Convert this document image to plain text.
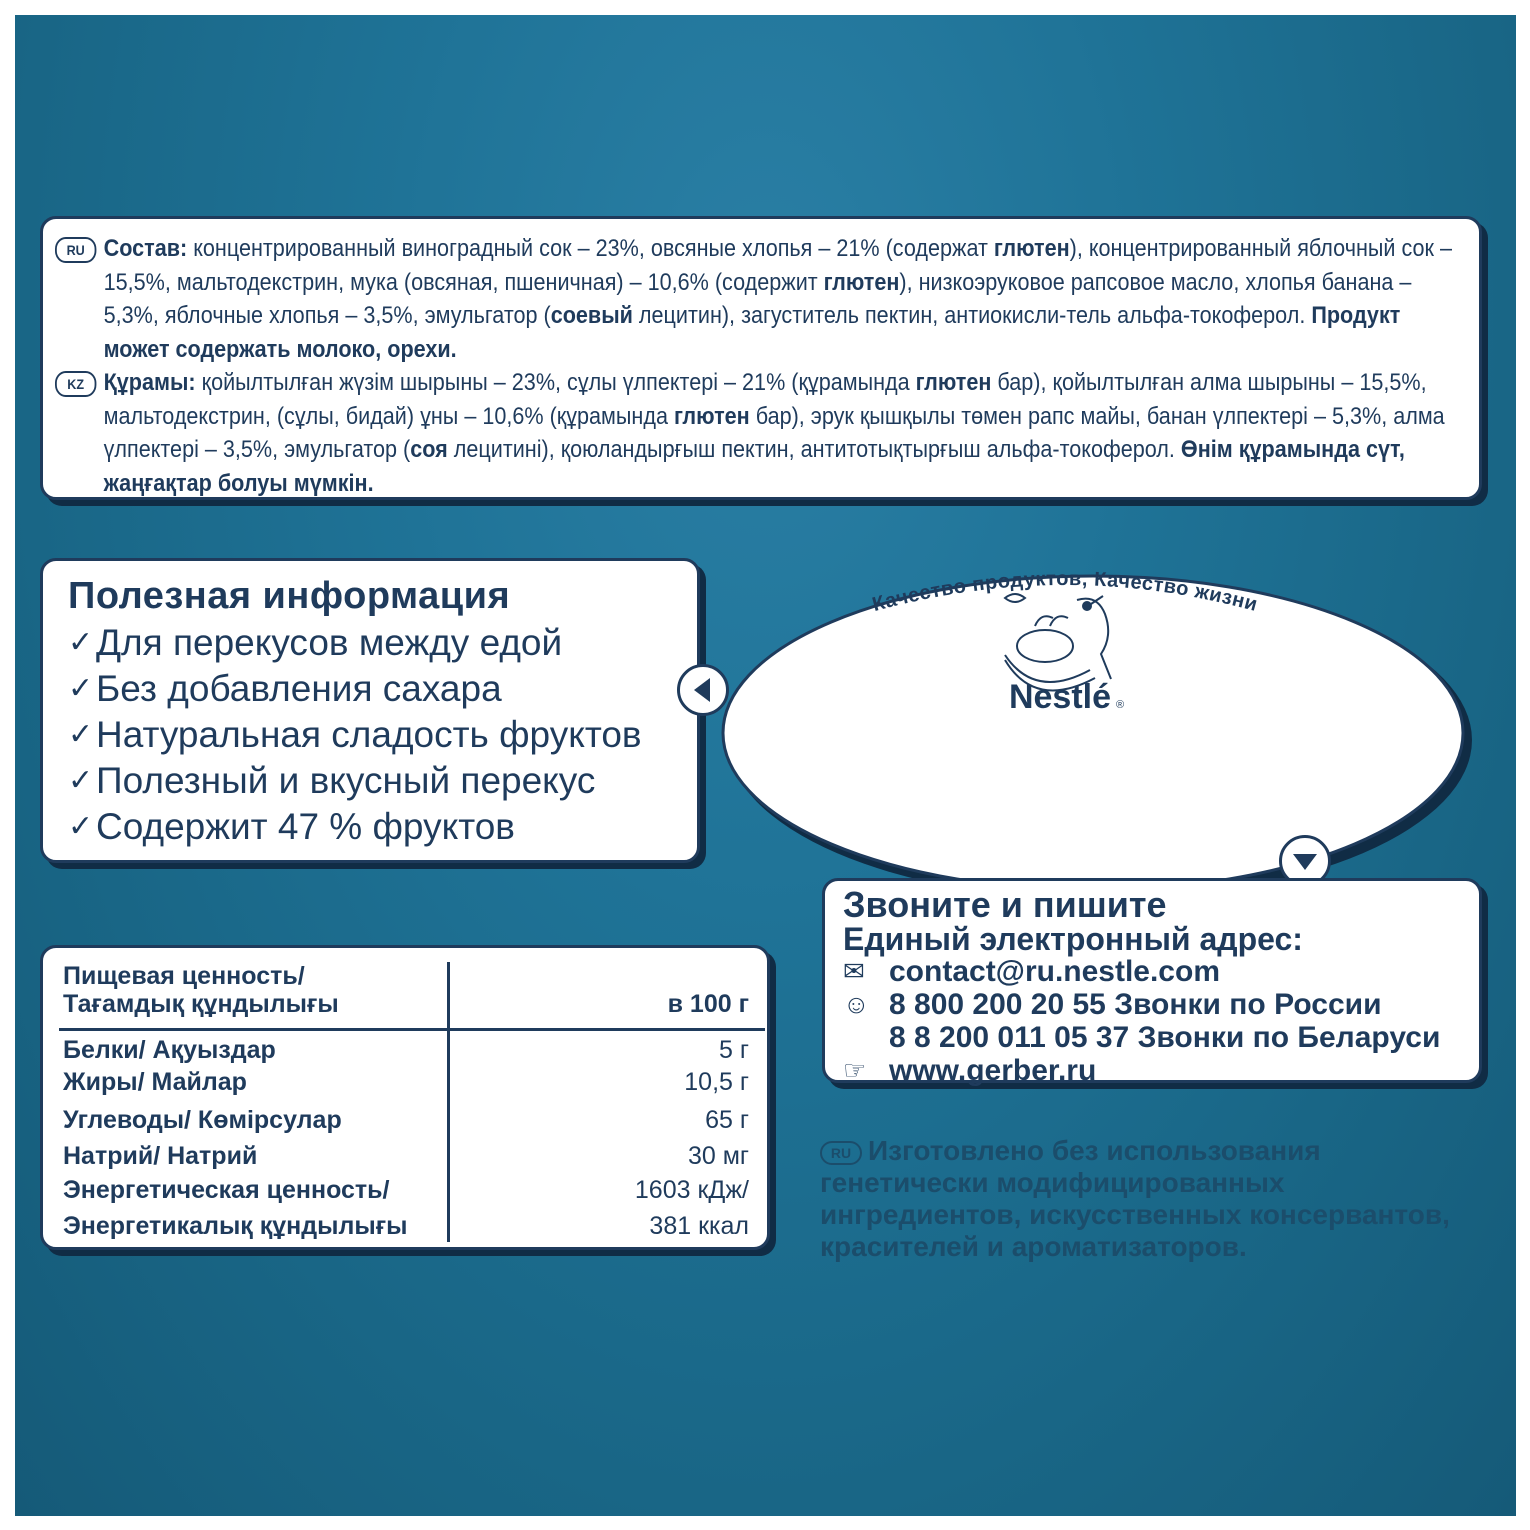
RU Состав: концентрированный виноградный сок – 23%, овсяные хлопья – 21% (содержат глютен), концентрированный яблочный сок – 15,5%, мальтодекстрин, мука (овсяная, пшеничная) – 10,6% (содержит глютен), низкоэруковое рапсовое масло, хлопья банана – 5,3%, яблочные хлопья – 3,5%, эмульгатор (соевый лецитин), загуститель пектин, антиокисли-тель альфа-токоферол. Продукт может содержать молоко, орехи.
KZ Құрамы: қойылтылған жүзім шырыны – 23%, сұлы үлпектері – 21% (құрамында глютен бар), қойылтылған алма шырыны – 15,5%, мальтодекстрин, (сұлы, бидай) ұны – 10,6% (құрамында глютен бар), эрук қышқылы төмен рапс майы, банан үлпектері – 5,3%, алма үлпектері – 3,5%, эмульгатор (соя лецитині), қоюландырғыш пектин, антитотықтырғыш альфа-токоферол. Өнім құрамында сүт, жаңғақтар болуы мүмкін.
Полезная информация
✓ Для перекусов между едой
✓ Без добавления сахара
✓ Натуральная сладость фруктов
✓ Полезный и вкусный перекус
✓ Содержит 47 % фруктов
Качество продуктов, Качество жизни
Nestlé ®
Звоните и пишите
Единый электронный адрес:
✉ contact@ru.nestle.com
☺ 8 800 200 20 55 Звонки по России
8 8 200 011 05 37 Звонки по Беларуси
☞ www.gerber.ru
Пищевая ценность/
Тағамдық құндылығы	в 100 г
Белки/ Ақуыздар	5 г
Жиры/ Майлар	10,5 г
Углеводы/ Көмірсулар	65 г
Натрий/ Натрий	30 мг
Энергетическая ценность/	1603 кДж/
Энергетикалық құндылығы	381 ккал
RU Изготовлено без использования генетически модифицированных ингредиентов, искусственных консервантов, красителей и ароматизаторов.
